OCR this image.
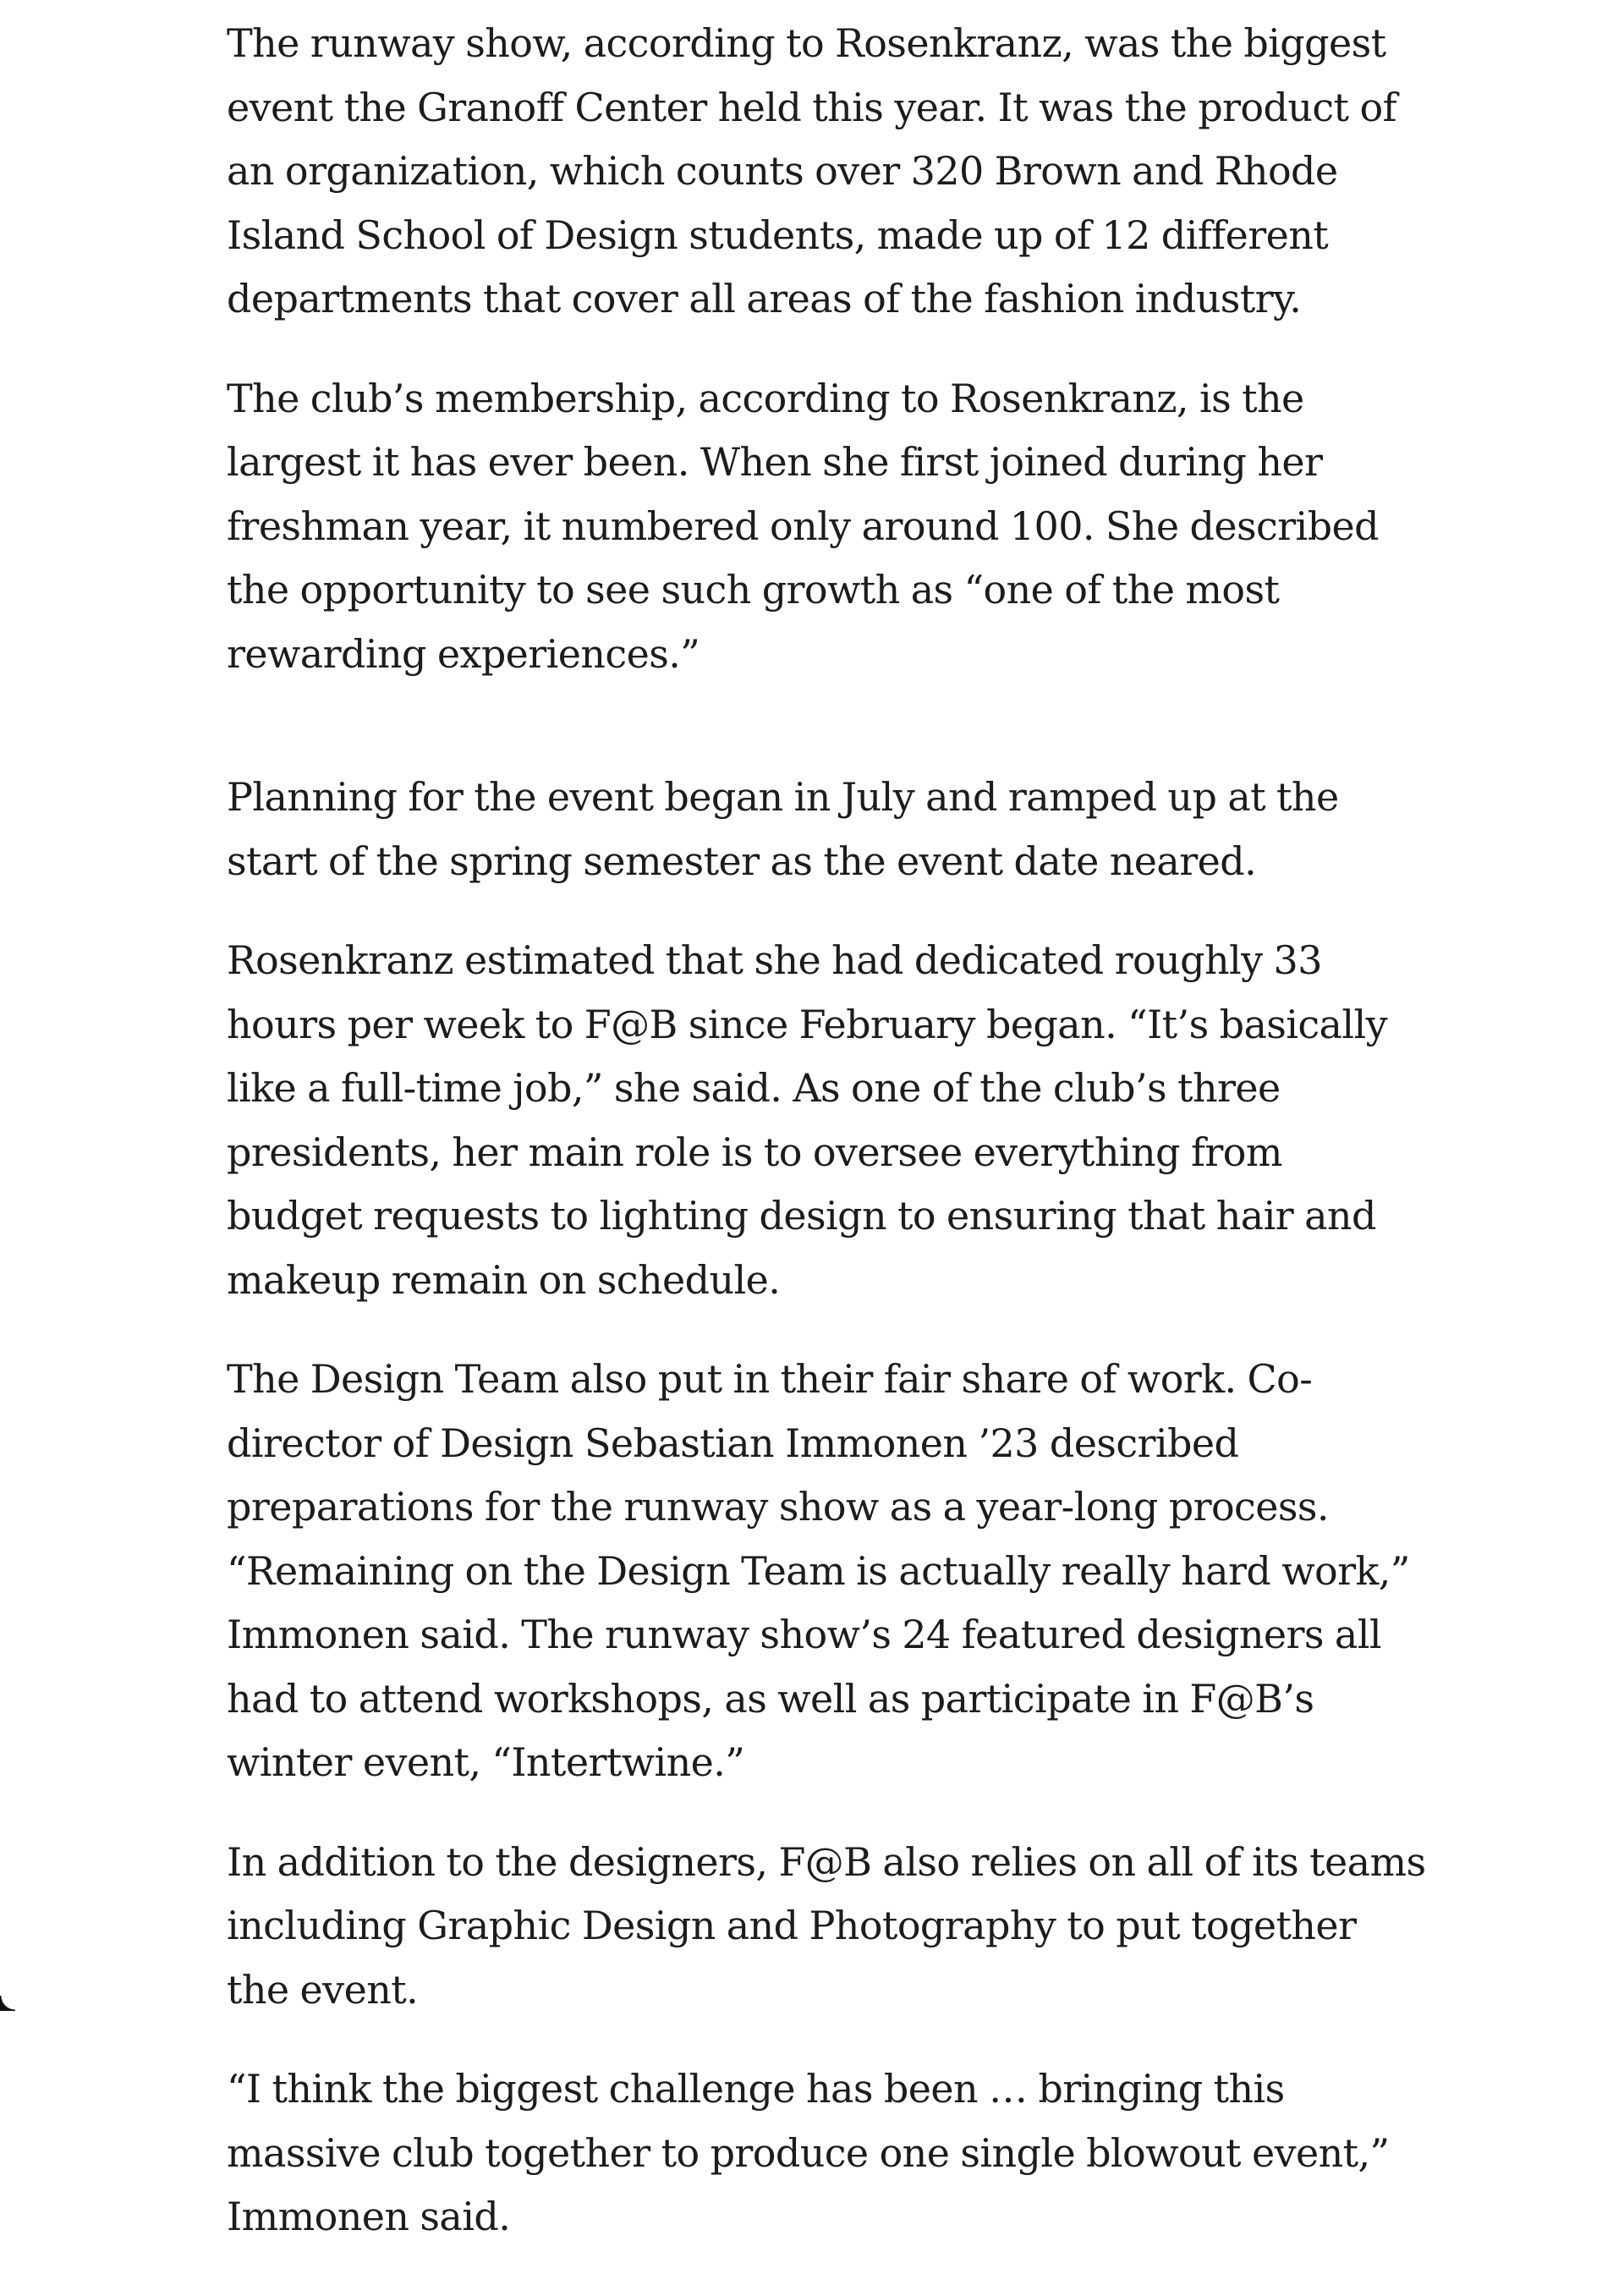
The runway show, according to Rosenkranz, was the biggest event the Granoff Center held this year. It was the product of an organization, which counts over 320 Brown and Rhode Island School of Design students, made up of 12 different departments that cover all areas of the fashion industry.

The club’s membership, according to Rosenkranz, is the largest it has ever been. When she first joined during her freshman year, it numbered only around 100. She described the opportunity to see such growth as “one of the most rewarding experiences.”

Planning for the event began in July and ramped up at the start of the spring semester as the event date neared.

Rosenkranz estimated that she had dedicated roughly 33 hours per week to F@B since February began. “It’s basically like a full-time job,” she said. As one of the club’s three presidents, her main role is to oversee everything from budget requests to lighting design to ensuring that hair and makeup remain on schedule.

The Design Team also put in their fair share of work. Co-director of Design Sebastian Immonen ’23 described preparations for the runway show as a year-long process. “Remaining on the Design Team is actually really hard work,” Immonen said. The runway show’s 24 featured designers all had to attend workshops, as well as participate in F@B’s winter event, “Intertwine.”

In addition to the designers, F@B also relies on all of its teams including Graphic Design and Photography to put together the event.

“I think the biggest challenge has been … bringing this massive club together to produce one single blowout event,” Immonen said.
